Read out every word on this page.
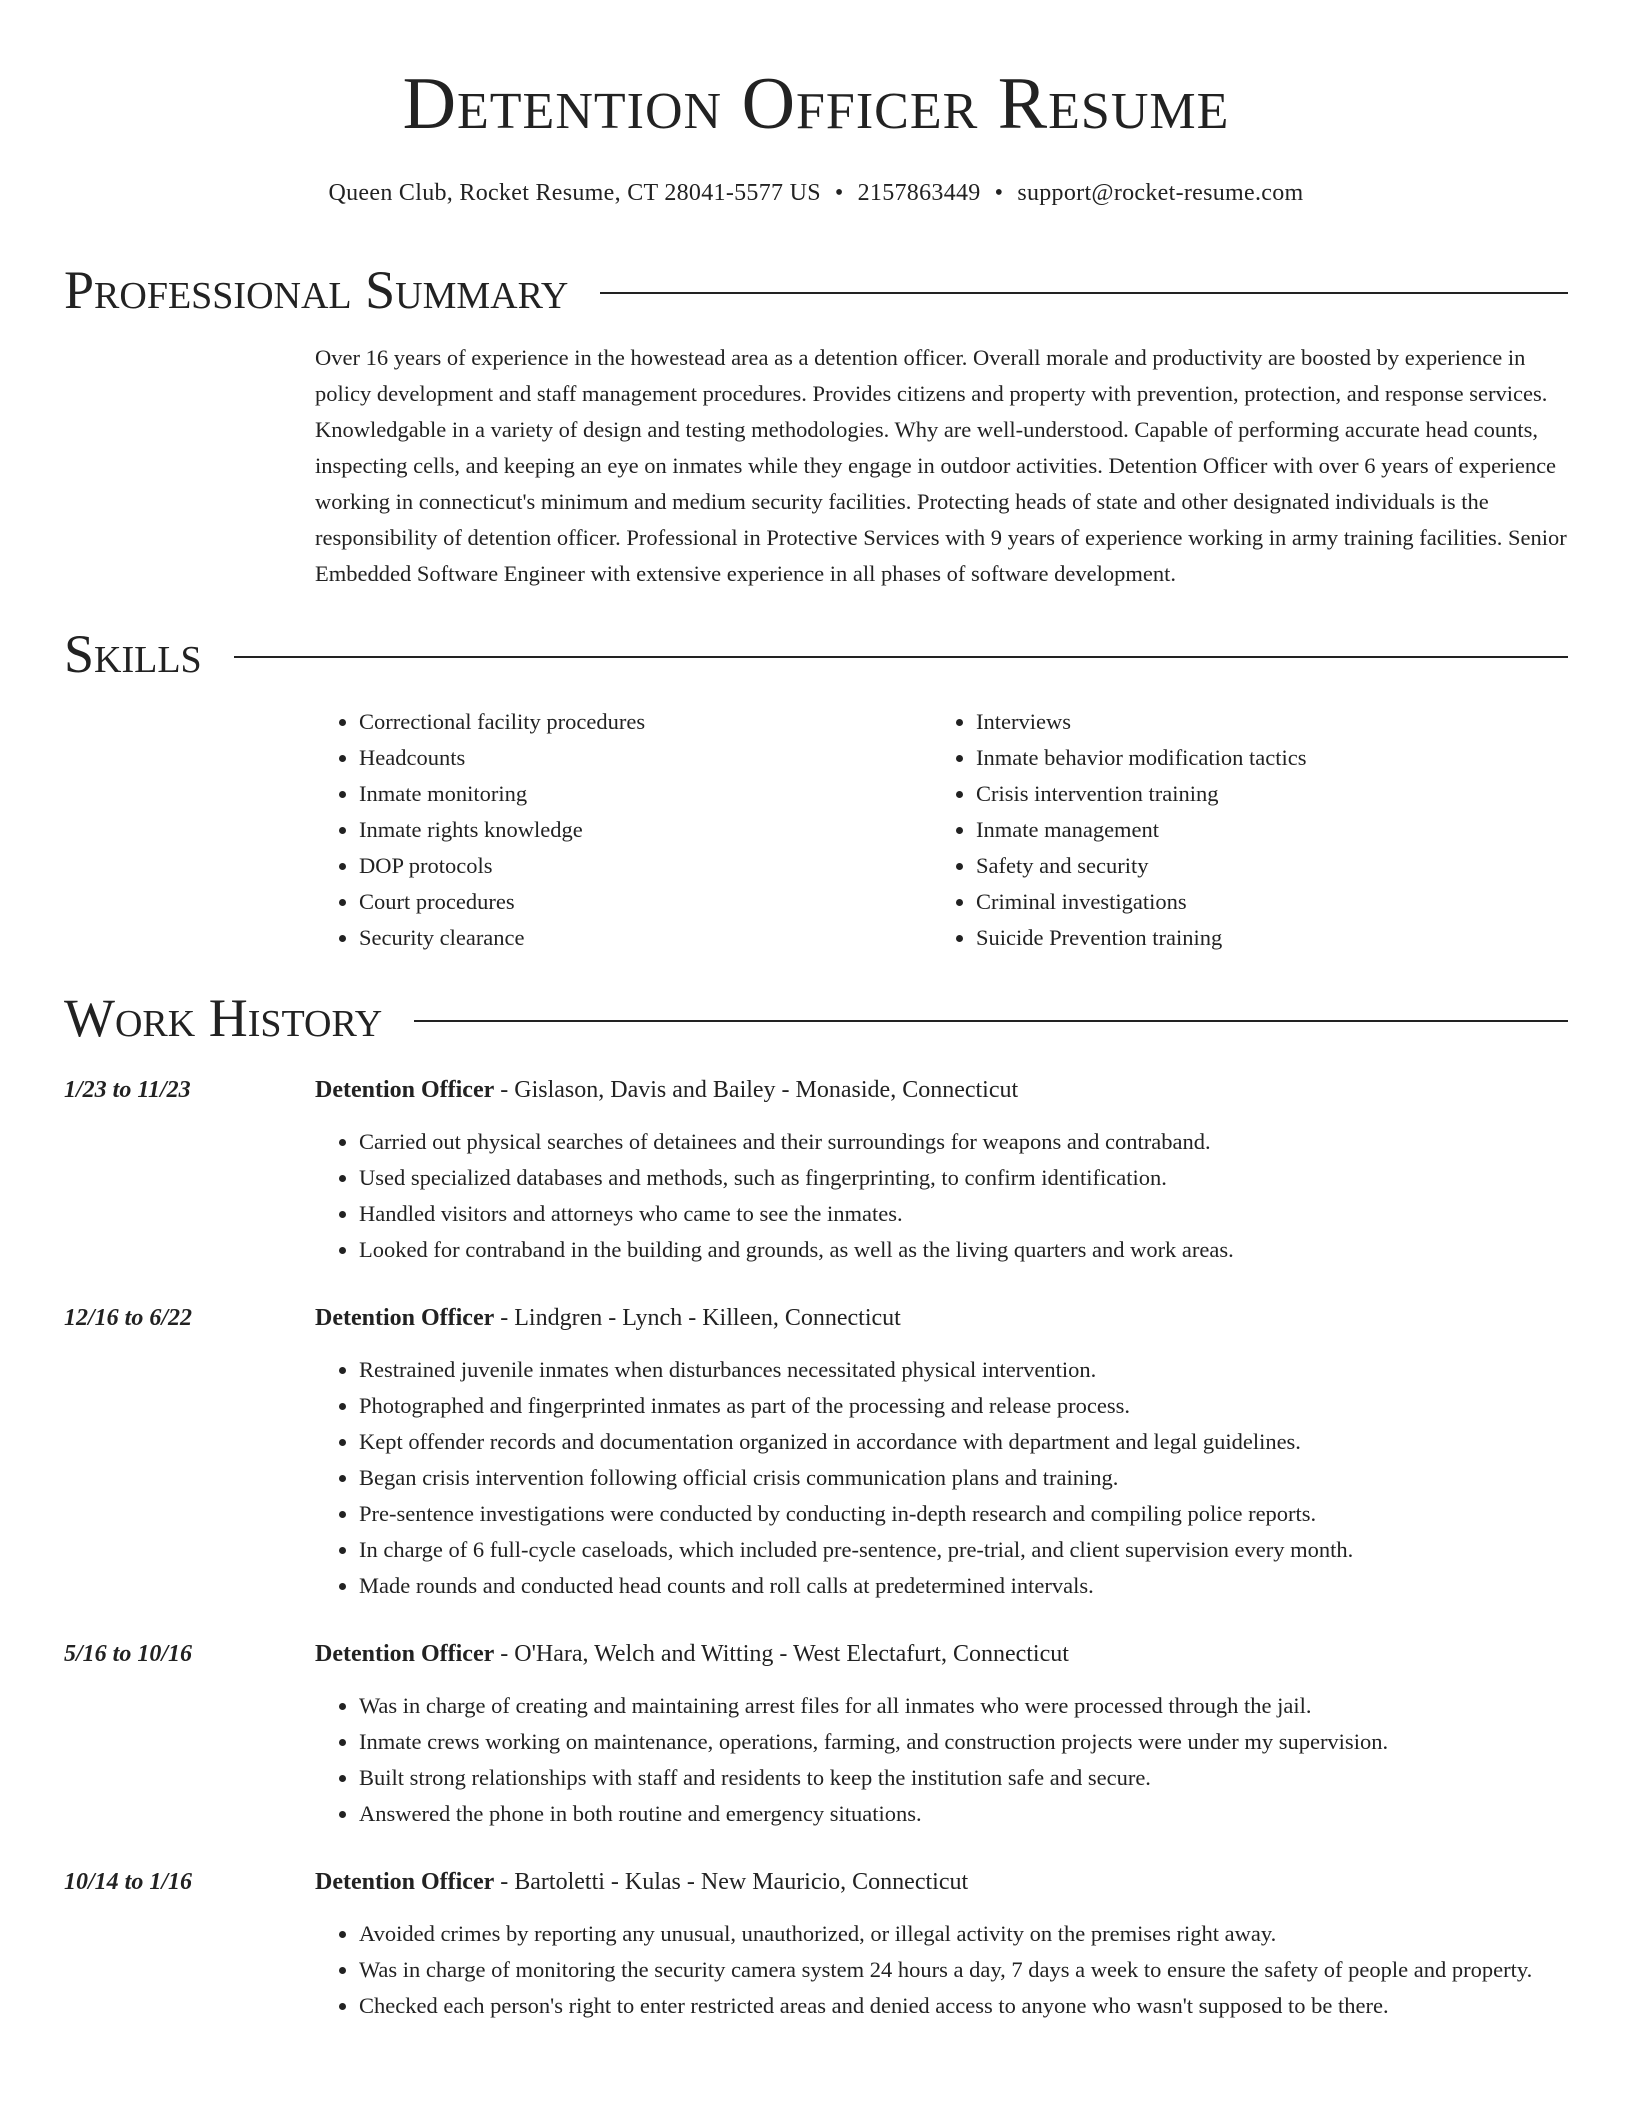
Detention Officer Resume
Queen Club, Rocket Resume, CT 28041-5577 US • 2157863449 • support@rocket-resume.com
Professional Summary
Over 16 years of experience in the howestead area as a detention officer. Overall morale and productivity are boosted by experience in policy development and staff management procedures. Provides citizens and property with prevention, protection, and response services. Knowledgable in a variety of design and testing methodologies. Why are well-understood. Capable of performing accurate head counts, inspecting cells, and keeping an eye on inmates while they engage in outdoor activities. Detention Officer with over 6 years of experience working in connecticut's minimum and medium security facilities. Protecting heads of state and other designated individuals is the responsibility of detention officer. Professional in Protective Services with 9 years of experience working in army training facilities. Senior Embedded Software Engineer with extensive experience in all phases of software development.
Skills
• Correctional facility procedures
• Headcounts
• Inmate monitoring
• Inmate rights knowledge
• DOP protocols
• Court procedures
• Security clearance
• Interviews
• Inmate behavior modification tactics
• Crisis intervention training
• Inmate management
• Safety and security
• Criminal investigations
• Suicide Prevention training
Work History
1/23 to 11/23	Detention Officer - Gislason, Davis and Bailey - Monaside, Connecticut
• Carried out physical searches of detainees and their surroundings for weapons and contraband.
• Used specialized databases and methods, such as fingerprinting, to confirm identification.
• Handled visitors and attorneys who came to see the inmates.
• Looked for contraband in the building and grounds, as well as the living quarters and work areas.
12/16 to 6/22	Detention Officer - Lindgren - Lynch - Killeen, Connecticut
• Restrained juvenile inmates when disturbances necessitated physical intervention.
• Photographed and fingerprinted inmates as part of the processing and release process.
• Kept offender records and documentation organized in accordance with department and legal guidelines.
• Began crisis intervention following official crisis communication plans and training.
• Pre-sentence investigations were conducted by conducting in-depth research and compiling police reports.
• In charge of 6 full-cycle caseloads, which included pre-sentence, pre-trial, and client supervision every month.
• Made rounds and conducted head counts and roll calls at predetermined intervals.
5/16 to 10/16	Detention Officer - O'Hara, Welch and Witting - West Electafurt, Connecticut
• Was in charge of creating and maintaining arrest files for all inmates who were processed through the jail.
• Inmate crews working on maintenance, operations, farming, and construction projects were under my supervision.
• Built strong relationships with staff and residents to keep the institution safe and secure.
• Answered the phone in both routine and emergency situations.
10/14 to 1/16	Detention Officer - Bartoletti - Kulas - New Mauricio, Connecticut
• Avoided crimes by reporting any unusual, unauthorized, or illegal activity on the premises right away.
• Was in charge of monitoring the security camera system 24 hours a day, 7 days a week to ensure the safety of people and property.
• Checked each person's right to enter restricted areas and denied access to anyone who wasn't supposed to be there.
